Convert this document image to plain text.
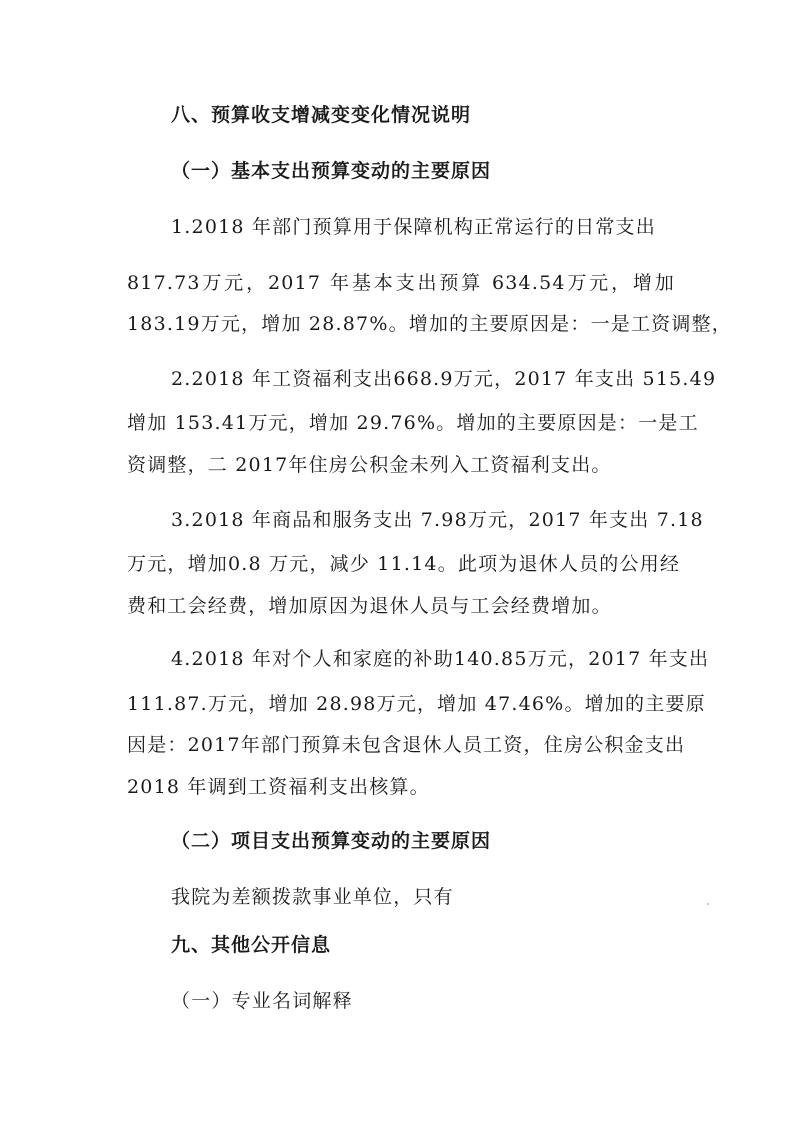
八、预算收支增减变变化情况说明
（一）基本支出预算变动的主要原因
1.2018 年部门预算用于保障机构正常运行的日常支出
817.73万元，2017 年基本支出预算 634.54万元，增加
183.19万元，增加 28.87%。增加的主要原因是：一是工资调整，
2.2018 年工资福利支出668.9万元，2017 年支出 515.49
增加 153.41万元，增加 29.76%。增加的主要原因是：一是工
资调整，二 2017年住房公积金未列入工资福利支出。
3.2018 年商品和服务支出 7.98万元，2017 年支出 7.18
万元，增加0.8 万元，减少 11.14。此项为退休人员的公用经
费和工会经费，增加原因为退休人员与工会经费增加。
4.2018 年对个人和家庭的补助140.85万元，2017 年支出
111.87.万元，增加 28.98万元，增加 47.46%。增加的主要原
因是：2017年部门预算未包含退休人员工资，住房公积金支出
2018 年调到工资福利支出核算。
（二）项目支出预算变动的主要原因
我院为差额拨款事业单位，只有
九、其他公开信息
（一）专业名词解释
